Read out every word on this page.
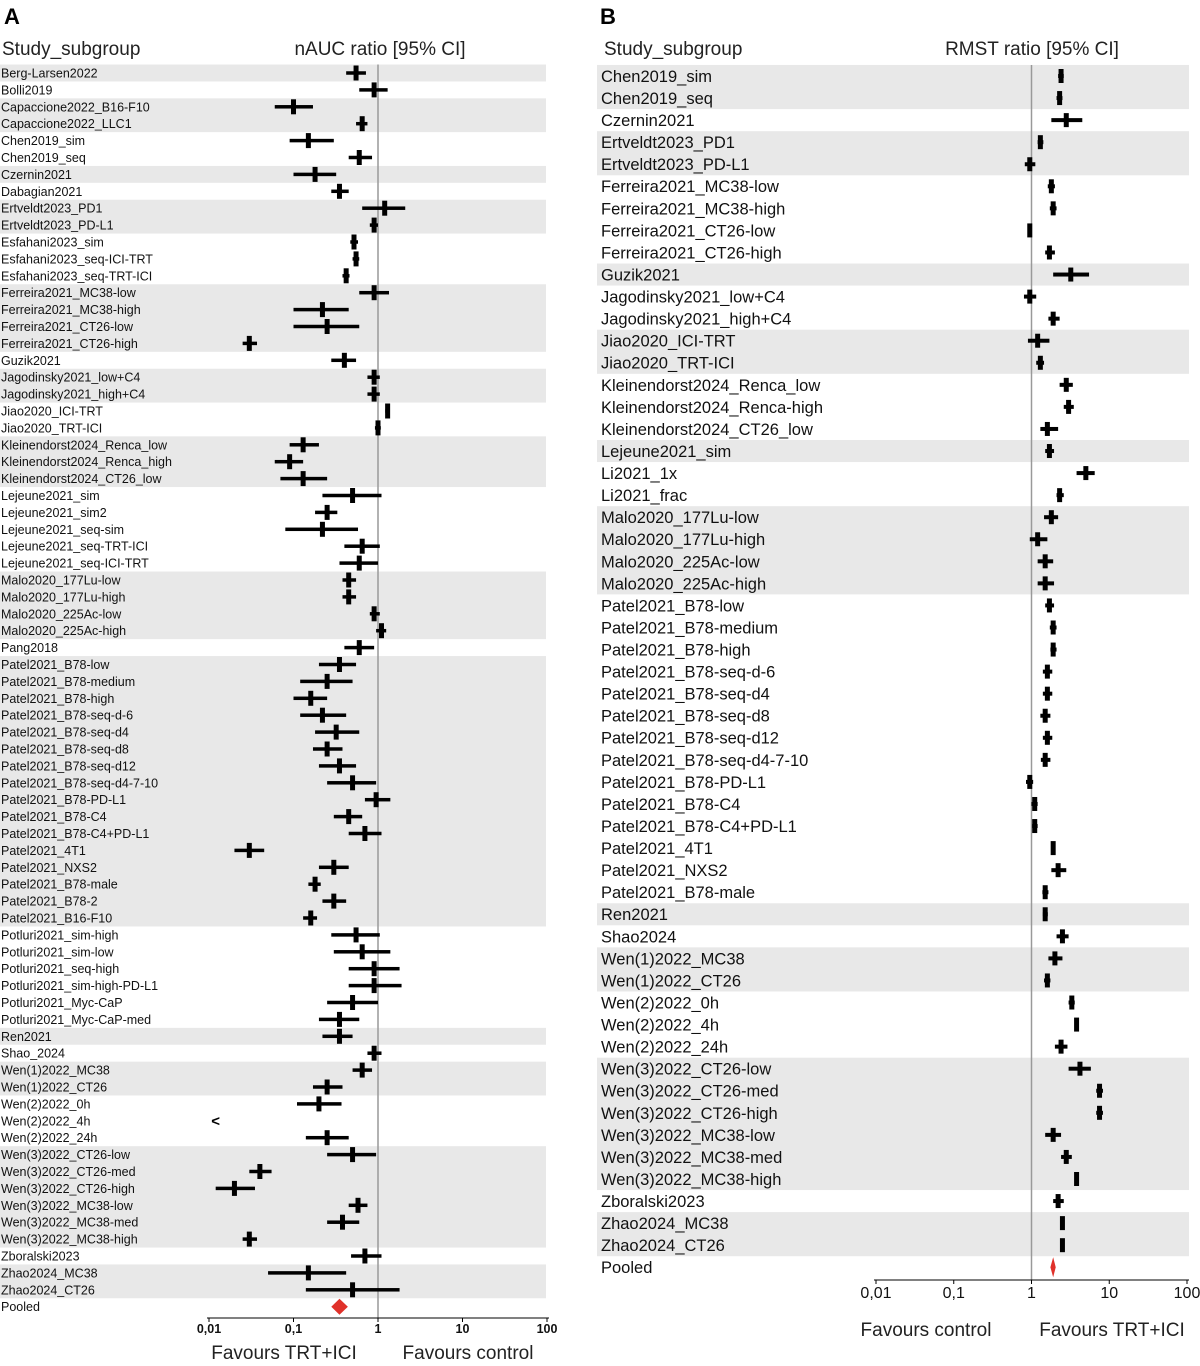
A
Study_subgroup	nAUC ratio [95% CI]
Berg-Larsen2022
Bolli2019
Capaccione2022_B16-F10
Capaccione2022_LLC1
Chen2019_sim
Chen2019_seq
Czernin2021
Dabagian2021
Ertveldt2023_PD1
Ertveldt2023_PD-L1
Esfahani2023_sim
Esfahani2023_seq-ICI-TRT
Esfahani2023_seq-TRT-ICI
Ferreira2021_MC38-low
Ferreira2021_MC38-high
Ferreira2021_CT26-low
Ferreira2021_CT26-high
Guzik2021
Jagodinsky2021_low+C4
Jagodinsky2021_high+C4
Jiao2020_ICI-TRT
Jiao2020_TRT-ICI
Kleinendorst2024_Renca_low
Kleinendorst2024_Renca_high
Kleinendorst2024_CT26_low
Lejeune2021_sim
Lejeune2021_sim2
Lejeune2021_seq-sim
Lejeune2021_seq-TRT-ICI
Lejeune2021_seq-ICI-TRT
Malo2020_177Lu-low
Malo2020_177Lu-high
Malo2020_225Ac-low
Malo2020_225Ac-high
Pang2018
Patel2021_B78-low
Patel2021_B78-medium
Patel2021_B78-high
Patel2021_B78-seq-d-6
Patel2021_B78-seq-d4
Patel2021_B78-seq-d8
Patel2021_B78-seq-d12
Patel2021_B78-seq-d4-7-10
Patel2021_B78-PD-L1
Patel2021_B78-C4
Patel2021_B78-C4+PD-L1
Patel2021_4T1
Patel2021_NXS2
Patel2021_B78-male
Patel2021_B78-2
Patel2021_B16-F10
Potluri2021_sim-high
Potluri2021_sim-low
Potluri2021_seq-high
Potluri2021_sim-high-PD-L1
Potluri2021_Myc-CaP
Potluri2021_Myc-CaP-med
Ren2021
Shao_2024
Wen(1)2022_MC38
Wen(1)2022_CT26
Wen(2)2022_0h
Wen(2)2022_4h
Wen(2)2022_24h
Wen(3)2022_CT26-low
Wen(3)2022_CT26-med
Wen(3)2022_CT26-high
Wen(3)2022_MC38-low
Wen(3)2022_MC38-med
Wen(3)2022_MC38-high
Zboralski2023
Zhao2024_MC38
Zhao2024_CT26
Pooled
<
0,01	0,1	1	10	100
Favours TRT+ICI Favours control
B
Study_subgroup	RMST ratio [95% CI]
Chen2019_sim
Chen2019_seq
Czernin2021
Ertveldt2023_PD1
Ertveldt2023_PD-L1
Ferreira2021_MC38-low
Ferreira2021_MC38-high
Ferreira2021_CT26-low
Ferreira2021_CT26-high
Guzik2021
Jagodinsky2021_low+C4
Jagodinsky2021_high+C4
Jiao2020_ICI-TRT
Jiao2020_TRT-ICI
Kleinendorst2024_Renca_low
Kleinendorst2024_Renca-high
Kleinendorst2024_CT26_low
Lejeune2021_sim
Li2021_1x
Li2021_frac
Malo2020_177Lu-low
Malo2020_177Lu-high
Malo2020_225Ac-low
Malo2020_225Ac-high
Patel2021_B78-low
Patel2021_B78-medium
Patel2021_B78-high
Patel2021_B78-seq-d-6
Patel2021_B78-seq-d4
Patel2021_B78-seq-d8
Patel2021_B78-seq-d12
Patel2021_B78-seq-d4-7-10
Patel2021_B78-PD-L1
Patel2021_B78-C4
Patel2021_B78-C4+PD-L1
Patel2021_4T1
Patel2021_NXS2
Patel2021_B78-male
Ren2021
Shao2024
Wen(1)2022_MC38
Wen(1)2022_CT26
Wen(2)2022_0h
Wen(2)2022_4h
Wen(2)2022_24h
Wen(3)2022_CT26-low
Wen(3)2022_CT26-med
Wen(3)2022_CT26-high
Wen(3)2022_MC38-low
Wen(3)2022_MC38-med
Wen(3)2022_MC38-high
Zboralski2023
Zhao2024_MC38
Zhao2024_CT26
Pooled
0,01	0,1	1	10	100
Favours control	Favours TRT+ICI
